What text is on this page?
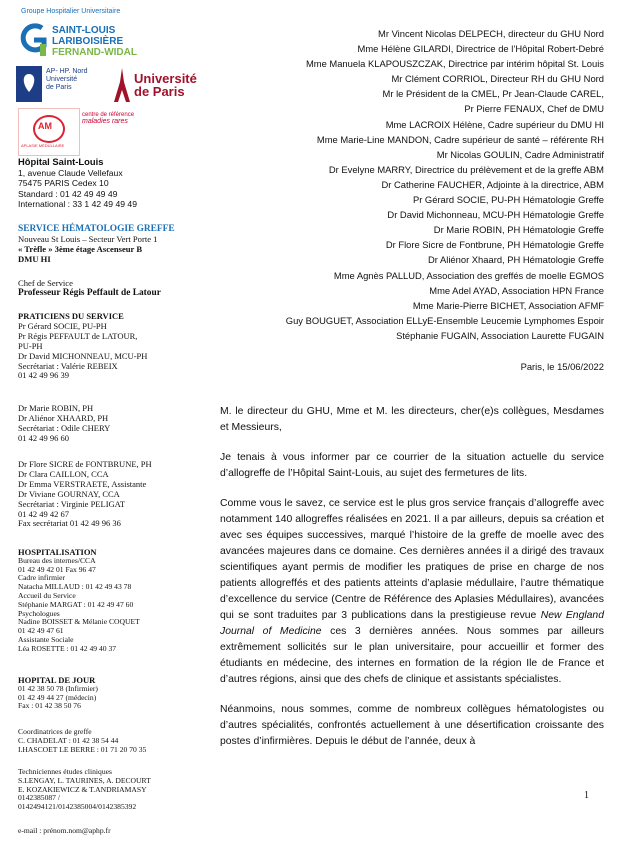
Groupe Hospitalier Universitaire
SAINT-LOUIS
LARIBOISIÈRE
FERNAND-WIDAL
AP- HP. Nord
Université
de Paris
Université
de Paris
AM
APLASIE MÉDULLAIRE
centre de référence
maladies rares
Hôpital Saint-Louis
1, avenue Claude Vellefaux
75475 PARIS Cedex 10
Standard : 01 42 49 49 49
International : 33 1 42 49 49 49
SERVICE HÉMATOLOGIE GREFFE
Nouveau St Louis – Secteur Vert Porte 1
« Trèfle » 3ème étage Ascenseur B
DMU HI
Chef de Service
Professeur Régis Peffault de Latour
PRATICIENS DU SERVICE
Pr Gérard SOCIE, PU-PH
Pr Régis PEFFAULT de LATOUR,
PU-PH
Dr David MICHONNEAU, MCU-PH
Secrétariat : Valérie REBEIX
01 42 49 96 39
Dr Marie ROBIN, PH
Dr Aliénor XHAARD, PH
Secrétariat : Odile CHERY
01 42 49 96 60
Dr Flore SICRE de FONTBRUNE, PH
Dr Clara CAILLON, CCA
Dr Emma VERSTRAETE, Assistante
Dr Viviane GOURNAY, CCA
Secrétariat : Virginie PELIGAT
01 42 49 42 67
Fax secrétariat 01 42 49 96 36
HOSPITALISATION
Bureau des internes/CCA
01 42 49 42 01 Fax 96 47
Cadre infirmier
Natacha MILLAUD : 01 42 49 43 78
Accueil du Service
Stéphanie MARGAT : 01 42 49 47 60
Psychologues
Nadine BOISSET & Mélanie COQUET
01 42 49 47 61
Assistante Sociale
Léa ROSETTE : 01 42 49 40 37
HOPITAL DE JOUR
01 42 38 50 78 (Infirmier)
01 42 49 44 27 (médecin)
Fax : 01 42 38 50 76
Coordinatrices de greffe
C. CHADELAT : 01 42 38 54 44
I.HASCOET LE BERRE : 01 71 20 70 35
Techniciennes études cliniques
S.LENGAY, L. TAURINES, A. DECOURT
E. KOZAKIEWICZ & T.ANDRIAMASY
0142385087 /
0142494121/0142385004/0142385392
e-mail : prénom.nom@aphp.fr
Mr Vincent Nicolas DELPECH, directeur du GHU Nord
Mme Hélène GILARDI, Directrice de l’Hôpital Robert-Debré
Mme Manuela KLAPOUSZCZAK, Directrice par intérim hôpital St. Louis
Mr Clément CORRIOL, Directeur RH du GHU Nord
Mr le Président de la CMEL, Pr Jean-Claude CAREL,
Pr Pierre FENAUX, Chef de DMU
Mme LACROIX Hélène, Cadre supérieur du DMU HI
Mme Marie-Line MANDON, Cadre supérieur de santé – référente RH
Mr Nicolas GOULIN, Cadre Administratif
Dr Evelyne MARRY, Directrice du prélèvement et de la greffe ABM
Dr Catherine FAUCHER, Adjointe à la directrice, ABM
Pr Gérard SOCIE, PU-PH Hématologie Greffe
Dr David Michonneau, MCU-PH Hématologie Greffe
Dr Marie ROBIN, PH Hématologie Greffe
Dr Flore Sicre de Fontbrune, PH Hématologie Greffe
Dr Aliénor Xhaard, PH Hématologie Greffe
Mme Agnès PALLUD, Association des greffés de moelle EGMOS
Mme Adel AYAD, Association HPN France
Mme Marie-Pierre BICHET, Association AFMF
Guy BOUGUET, Association ELLyE-Ensemble Leucemie Lymphomes Espoir
Stéphanie FUGAIN, Association Laurette FUGAIN
Paris, le 15/06/2022

M. le directeur du GHU, Mme et M. les directeurs, cher(e)s collègues, Mesdames et Messieurs,

Je tenais à vous informer par ce courrier de la situation actuelle du service d’allogreffe de l’Hôpital Saint-Louis, au sujet des fermetures de lits.

Comme vous le savez, ce service est le plus gros service français d’allogreffe avec notamment 140 allogreffes réalisées en 2021. Il a par ailleurs, depuis sa création et avec ses équipes successives, marqué l’histoire de la greffe de moelle avec des avancées majeures dans ce domaine. Ces dernières années il a dirigé des travaux scientifiques ayant permis de modifier les pratiques de prise en charge de nos patients allogreffés et des patients atteints d’aplasie médullaire, l’autre thématique d’excellence du service (Centre de Référence des Aplasies Médullaires), avancées qui se sont traduites par 3 publications dans la prestigieuse revue New England Journal of Medicine ces 3 dernières années. Nous sommes par ailleurs extrêmement sollicités sur le plan universitaire, pour accueillir et former des étudiants en médecine, des internes en formation de la région Ile de France et d’autres régions, ainsi que des chefs de clinique et assistants spécialistes.

Néanmoins, nous sommes, comme de nombreux collègues hématologistes ou d’autres spécialités, confrontés actuellement à une désertification croissante des postes d’infirmières. Depuis le début de l’année, deux à

1
